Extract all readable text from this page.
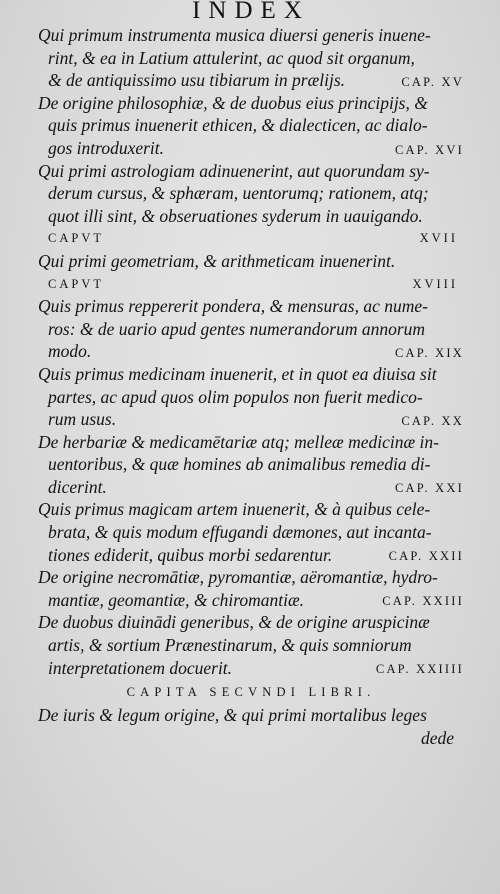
INDEX
Qui primum instrumenta musica diuersi generis inuene-
rint, & ea in Latium attulerint, ac quod sit organum,
& de antiquissimo usu tibiarum in prælijs.	CAP. XV
De origine philosophiæ, & de duobus eius principijs, &
quis primus inuenerit ethicen, & dialecticen, ac dialo-
gos introduxerit.	CAP. XVI
Qui primi astrologiam adinuenerint, aut quorundam sy-
derum cursus, & sphæram, uentorumq; rationem, atq;
quot illi sint, & obseruationes syderum in uauigando.
CAPVT	XVII
Qui primi geometriam, & arithmeticam inuenerint.
CAPVT	XVIII
Quis primus reppererit pondera, & mensuras, ac nume-
ros: & de uario apud gentes numerandorum annorum
modo.	CAP. XIX
Quis primus medicinam inuenerit, et in quot ea diuisa sit
partes, ac apud quos olim populos non fuerit medico-
rum usus.	CAP. XX
De herbariæ & medicamētariæ atq; melleæ medicinæ in-
uentoribus, & quæ homines ab animalibus remedia di-
dicerint.	CAP. XXI
Quis primus magicam artem inuenerit, & à quibus cele-
brata, & quis modum effugandi dæmones, aut incanta-
tiones ediderit, quibus morbi sedarentur.	CAP. XXII
De origine necromātiæ, pyromantiæ, aëromantiæ, hydro-
mantiæ, geomantiæ, & chiromantiæ.	CAP. XXIII
De duobus diuinādi generibus, & de origine aruspicinæ
artis, & sortium Prænestinarum, & quis somniorum
interpretationem docuerit.	CAP. XXIIII
CAPITA SECVNDI LIBRI.
De iuris & legum origine, & qui primi mortalibus leges
dede
